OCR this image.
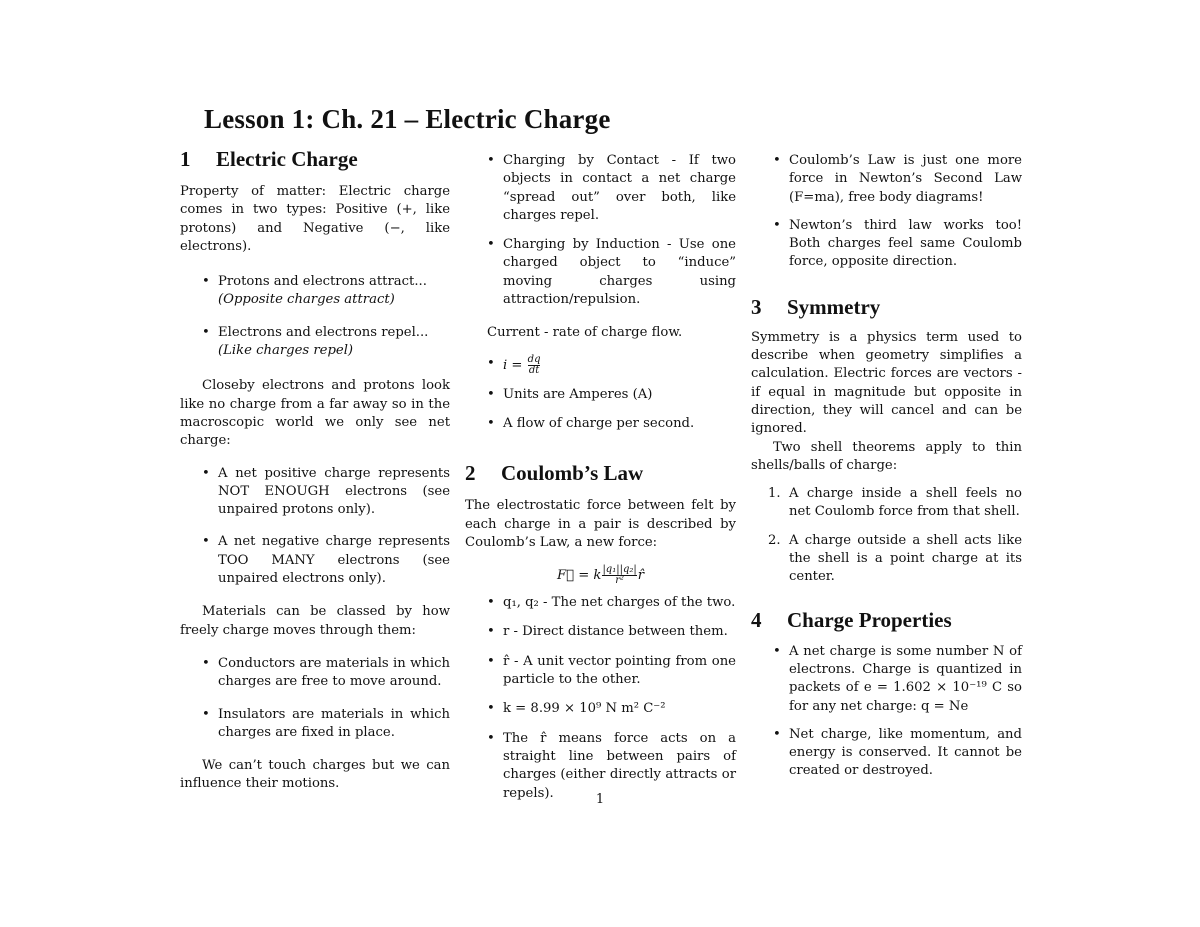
Lesson 1: Ch. 21 – Electric Charge
1 Electric Charge

Property of matter: Electric charge comes in two types: Positive (+, like protons) and Negative (−, like electrons).

• Protons and electrons attract...
(Opposite charges attract)
• Electrons and electrons repel...
(Like charges repel)

Closeby electrons and protons look like no charge from a far away so in the macroscopic world we only see net charge:

• A net positive charge represents NOT ENOUGH electrons (see unpaired protons only).
• A net negative charge represents TOO MANY electrons (see unpaired electrons only).

Materials can be classed by how freely charge moves through them:

• Conductors are materials in which charges are free to move around.
• Insulators are materials in which charges are fixed in place.

We can’t touch charges but we can influence their motions.

• Charging by Contact - If two objects in contact a net charge “spread out” over both, like charges repel.
• Charging by Induction - Use one charged object to “induce” moving charges using attraction/repulsion.

Current - rate of charge flow.

• $i = \frac{dq}{dt}$
• Units are Amperes (A)
• A flow of charge per second.
2 Coulomb’s Law

The electrostatic force between felt by each charge in a pair is described by Coulomb’s Law, a new force:

F⃗ = k $\frac{\text{|q₁||q₂|}}{\text{r²}}$ r̂
• q₁, q₂ - The net charges of the two.
• r - Direct distance between them.
• r̂ - A unit vector pointing from one particle to the other.
• k = 8.99 × 10⁹ N m² C⁻²
• The r̂ means force acts on a straight line between pairs of charges (either directly attracts or repels).
• Coulomb’s Law is just one more force in Newton’s Second Law (F=ma), free body diagrams!
• Newton’s third law works too! Both charges feel same Coulomb force, opposite direction.
3 Symmetry

Symmetry is a physics term used to describe when geometry simplifies a calculation. Electric forces are vectors - if equal in magnitude but opposite in direction, they will cancel and can be ignored.

Two shell theorems apply to thin shells/balls of charge:

1. A charge inside a shell feels no net Coulomb force from that shell.
2. A charge outside a shell acts like the shell is a point charge at its center.
4 Charge Properties
• A net charge is some number N of electrons. Charge is quantized in packets of e = 1.602 × 10⁻¹⁹ C so for any net charge: q = Ne
• Net charge, like momentum, and energy is conserved. It cannot be created or destroyed.
1
